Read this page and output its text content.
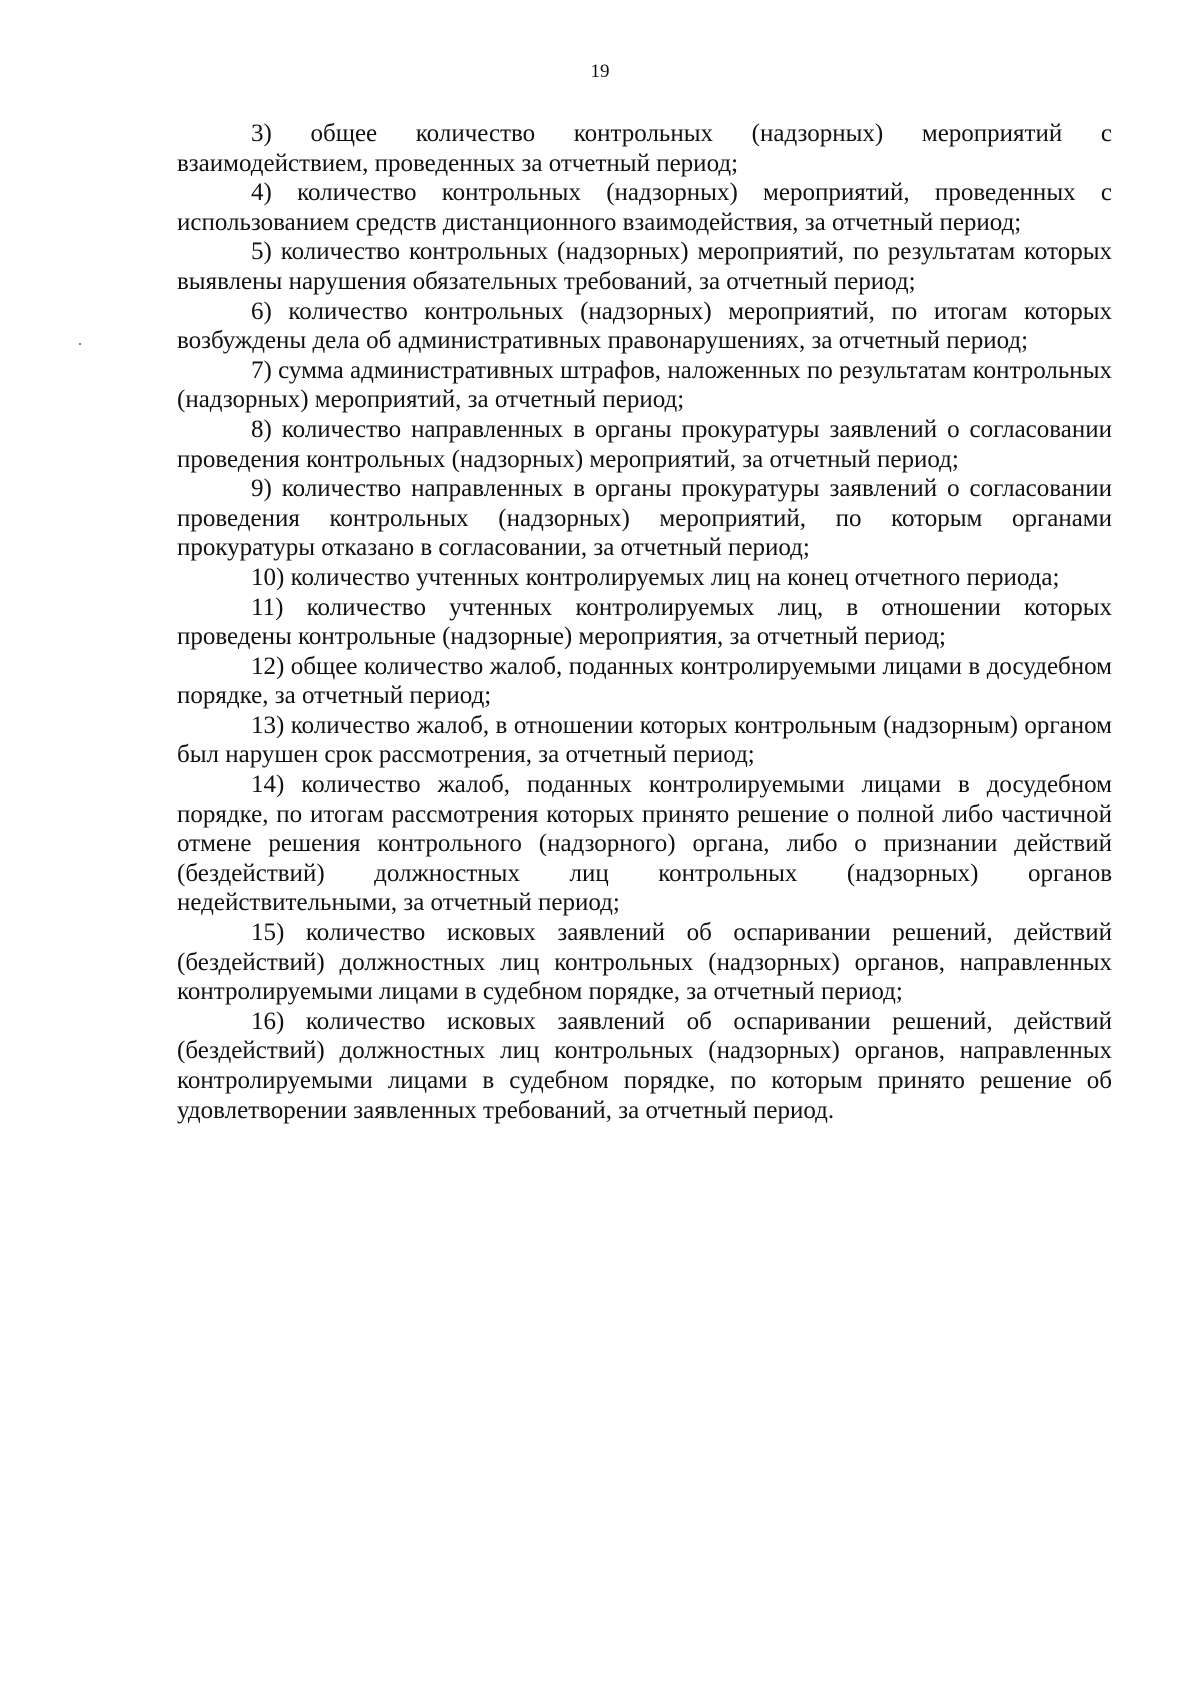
19

3) общее количество контрольных (надзорных) мероприятий с взаимодействием, проведенных за отчетный период;

4) количество контрольных (надзорных) мероприятий, проведенных с использованием средств дистанционного взаимодействия, за отчетный период;

5) количество контрольных (надзорных) мероприятий, по результатам которых выявлены нарушения обязательных требований, за отчетный период;

6) количество контрольных (надзорных) мероприятий, по итогам которых возбуждены дела об административных правонарушениях, за отчетный период;

7) сумма административных штрафов, наложенных по результатам контрольных (надзорных) мероприятий, за отчетный период;

8) количество направленных в органы прокуратуры заявлений о согласовании проведения контрольных (надзорных) мероприятий, за отчетный период;

9) количество направленных в органы прокуратуры заявлений о согласовании проведения контрольных (надзорных) мероприятий, по которым органами прокуратуры отказано в согласовании, за отчетный период;

10) количество учтенных контролируемых лиц на конец отчетного периода;

11) количество учтенных контролируемых лиц, в отношении которых проведены контрольные (надзорные) мероприятия, за отчетный период;

12) общее количество жалоб, поданных контролируемыми лицами в досудебном порядке, за отчетный период;

13) количество жалоб, в отношении которых контрольным (надзорным) органом был нарушен срок рассмотрения, за отчетный период;

14) количество жалоб, поданных контролируемыми лицами в досудебном порядке, по итогам рассмотрения которых принято решение о полной либо частичной отмене решения контрольного (надзорного) органа, либо о признании действий (бездействий) должностных лиц контрольных (надзорных) органов недействительными, за отчетный период;

15) количество исковых заявлений об оспаривании решений, действий (бездействий) должностных лиц контрольных (надзорных) органов, направленных контролируемыми лицами в судебном порядке, за отчетный период;

16) количество исковых заявлений об оспаривании решений, действий (бездействий) должностных лиц контрольных (надзорных) органов, направленных контролируемыми лицами в судебном порядке, по которым принято решение об удовлетворении заявленных требований, за отчетный период.
